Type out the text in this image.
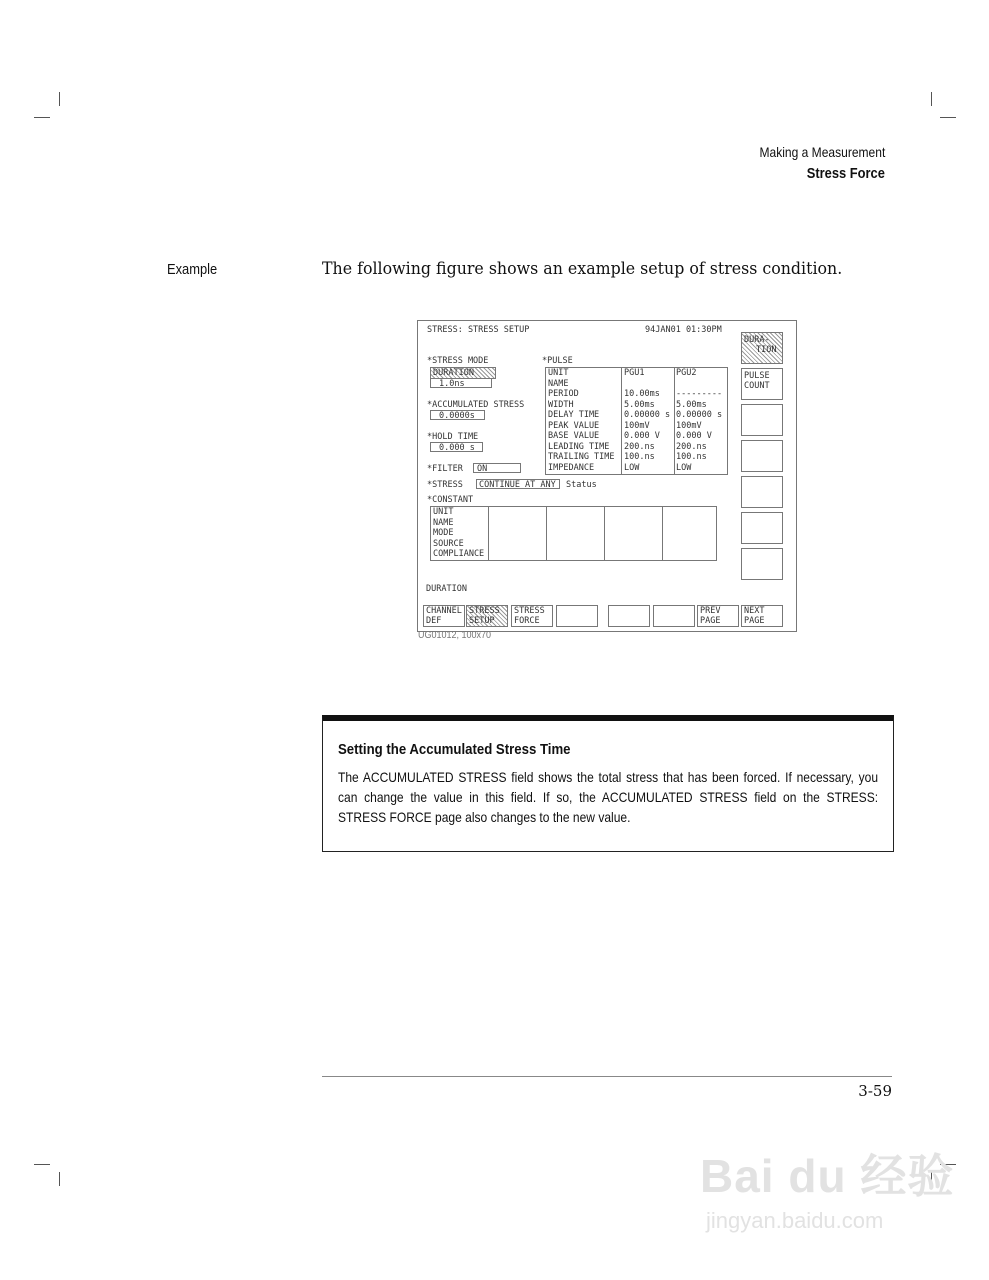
Making a Measurement
Stress Force
Example	The following figure shows an example setup of stress condition.
STRESS: STRESS SETUP	94JAN01 01:30PM
*STRESS MODE
DURATION
1.0ns
*ACCUMULATED STRESS
0.0000s
*HOLD TIME
0.000 s
*FILTER	ON
*STRESS	CONTINUE AT ANY	Status
*PULSE
UNIT	PGU1	PGU2
NAME
PERIOD	10.00ms ---------
WIDTH	5.00ms	5.00ms
DELAY TIME	0.00000 s 0.00000 s
PEAK VALUE	100mV	100mV
BASE VALUE	0.000 V 0.000 V
LEADING TIME 200.ns	200.ns
TRAILING TIME 100.ns	100.ns
IMPEDANCE	LOW	LOW
*CONSTANT
UNIT
NAME
MODE
SOURCE
COMPLIANCE
DURATION
DURA-
TION
PULSE
COUNT
CHANNEL
DEF
STRESS
SETUP
STRESS
FORCE
PREV
PAGE
NEXT
PAGE
UG01012, 100x70
Setting the Accumulated Stress Time
The ACCUMULATED STRESS field shows the total stress that has been forced. If necessary, you can change the value in this field. If so, the ACCUMULATED STRESS field on the STRESS: STRESS FORCE page also changes to the new value.
3-59
Bai du 经验
jingyan.baidu.com
